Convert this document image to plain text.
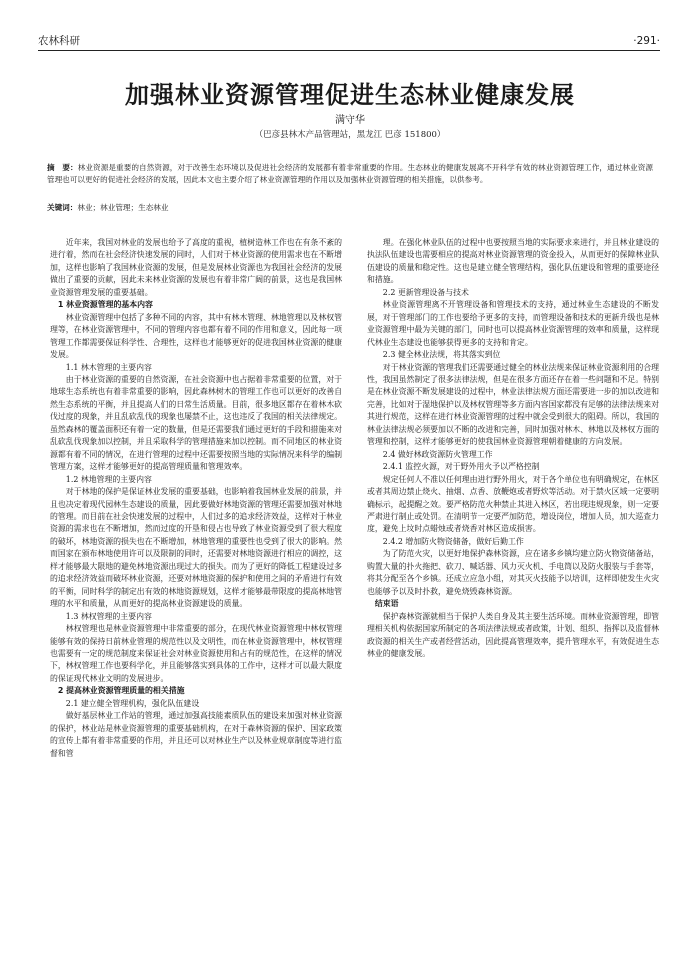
农林科研	·291·
加强林业资源管理促进生态林业健康发展
满守华
（巴彦县林木产品管理站，黑龙江 巴彦 151800）
摘　要：林业资源是重要的自然资源，对于改善生态环境以及促进社会经济的发展都有着非常重要的作用。生态林业的健康发展离不开科学有效的林业资源管理工作，通过林业资源管理也可以更好的促进社会经济的发展，因此本文也主要介绍了林业资源管理的作用以及加强林业资源管理的相关措施，以供参考。
关键词：林业；林业管理；生态林业

近年来，我国对林业的发展也给予了高度的重视，植树造林工作也在有条不紊的进行着，然而在社会经济快速发展的同时，人们对于林业资源的使用需求也在不断增加，这样也影响了我国林业资源的发展，但是发展林业资源也为我国社会经济的发展做出了重要的贡献，因此未来林业资源的发展也有着非常广阔的前景，这也是我国林业资源管理发展的重要基础。

1 林业资源管理的基本内容

林业资源管理中包括了多种不同的内容，其中有林木管理、林地管理以及林权管理等，在林业资源管理中，不同的管理内容也都有着不同的作用和意义，因此每一项管理工作都需要保证科学性、合理性，这样也才能够更好的促进我国林业资源的健康发展。

1.1 林木管理的主要内容

由于林业资源的重要的自然资源，在社会资源中也占据着非常重要的位置，对于地球生态系统也有着非常重要的影响，因此森林树木的管理工作也可以更好的改善自然生态系统的平衡，并且提高人们的日常生活质量。目前，很多地区都存在着林木砍伐过度的现象，并且乱砍乱伐的现象也屡禁不止，这也违反了我国的相关法律规定。虽然森林的覆盖面积还有着一定的数量，但是还需要我们通过更好的手段和措施来对乱砍乱伐现象加以控制，并且采取科学的管理措施来加以控制。而不同地区的林业资源都有着不同的情况，在进行管理的过程中还需要按照当地的实际情况来科学的编制管理方案，这样才能够更好的提高管理质量和管理效率。

1.2 林地管理的主要内容

对于林地的保护是保证林业发展的重要基础，也影响着我国林业发展的前景，并且也决定着现代园林生态建设的质量，因此要做好林地资源的管理还需要加强对林地的管理。而目前在社会快速发展的过程中，人们过多的追求经济效益，这样对于林业资源的需求也在不断增加，然而过度的开垦和侵占也导致了林业资源受到了很大程度的破坏，林地资源的损失也在不断增加，林地管理的重要性也受到了很大的影响。然而国家在颁布林地使用许可以及限制的同时，还需要对林地资源进行相应的调控，这样才能够最大限地的避免林地资源出现过大的损失。而为了更好的降低工程建设过多的追求经济效益而破坏林业资源，还要对林地资源的保护和使用之间的矛盾进行有效的平衡，同时科学的制定出有效的林地资源规划，这样才能够最带限度的提高林地管理的水平和质量，从而更好的提高林业资源建设的质量。

1.3 林权管理的主要内容

林权管理也是林业资源管理中非常重要的部分，在现代林业资源管理中林权管理能够有效的保持日前林业管理的规范性以及文明性，而在林业资源管理中，林权管理也需要有一定的规范制度来保证社会对林业资源使用和占有的规范性，在这样的情况下，林权管理工作也要科学化，并且能够落实到具体的工作中，这样才可以最大限度的保证现代林业文明的发展进步。

2 提高林业资源管理质量的相关措施
2.1 建立健全管理机构，强化队伍建设

做好基层林业工作站的管理，通过加强高技能素质队伍的建设来加强对林业资源的保护，林业站是林业资源管理的重要基础机构，在对于森林资源的保护、国家政策的宣传上都有着非常重要的作用，并且还可以对林业生产以及林业规章制度等进行监督和管

理。在强化林业队伍的过程中也要按照当地的实际要求来进行，并且林业建设的执法队伍建设也需要相应的提高对林业资源管理的资金投入，从而更好的保障林业队伍建设的质量和稳定性。这也是建立健全管理结构，强化队伍建设和管理的重要途径和措施。

2.2 更新管理设备与技术

林业资源管理离不开管理设备和管理技术的支持，通过林业生态建设的不断发展，对于管理部门的工作也要给予更多的支持，而管理设备和技术的更新升级也是林业资源管理中最为关键的部门，同时也可以提高林业资源管理的效率和质量，这样现代林业生态建设也能够获得更多的支持和肯定。

2.3 健全林业法规，将其落实到位

对于林业资源的管理我们还需要通过健全的林业法规来保证林业资源利用的合理性，我国虽然制定了很多法律法规，但是在很多方面还存在着一些问题和不足。特别是在林业资源不断发展建设的过程中，林业法律法规方面还需要进一步的加以改进和完善，比如对于湿地保护以及林权管理等多方面内容国家都没有足够的法律法规来对其进行规范，这样在进行林业资源管理的过程中就会受到很大的阻碍。所以，我国的林业法律法规必须要加以不断的改进和完善，同时加强对林木、林地以及林权方面的管理和控制，这样才能够更好的使我国林业资源管理朝着健康的方向发展。

2.4 做好林政资源防火管理工作
2.4.1 监控火源，对于野外用火予以严格控制

规定任何人不准以任何理由进行野外用火，对于各个单位也有明确规定，在林区或者其周边禁止烧火、抽烟、点香、放鞭炮或者野炊等活动。对于禁火区域一定要明确标示，起提醒之效。要严格防范火种禁止其进入林区，若出现违规现象，则一定要严肃进行制止或处罚。在清明节一定要严加防范，增设岗位，增加人员，加大巡查力度，避免上坟时点蜡烛或者烧香对林区造成损害。

2.4.2 增加防火物资储备，做好后勤工作

为了防范火灾，以更好地保护森林资源，应在诸多乡镇均建立防火物资储备站，购置大量的扑火拖把、砍刀、喊话器、风力灭火机、手电筒以及防火服装与手套等，将其分配至各个乡镇。还成立应急小组，对其灭火技能予以培训，这样即使发生火灾也能够予以及时扑救，避免烧毁森林资源。

结束语

保护森林资源就相当于保护人类自身及其主要生活环境。而林业资源管理，即管理相关机构依据国家所制定的各项法律法规或者政策，计划、组织、指挥以及监督林政资源的相关生产或者经营活动，因此提高管理效率，提升管理水平，有效促进生态林业的健康发展。
